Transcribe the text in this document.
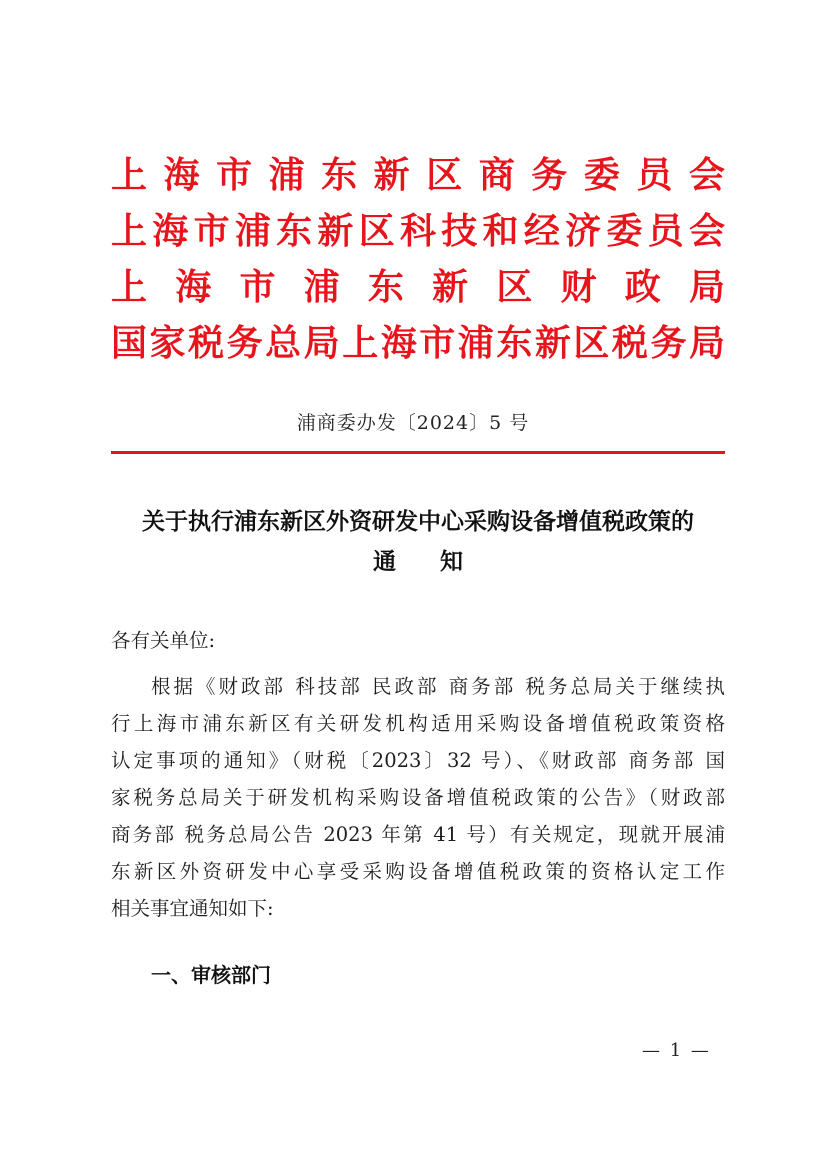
上 海 市 浦 东 新 区 商 务 委 员 会
上 海 市 浦 东 新 区 科 技 和 经 济 委 员 会
上 海 市 浦 东 新 区 财 政 局
国 家 税 务 总 局 上 海 市 浦 东 新 区 税 务 局
浦商委办发〔2024〕5 号
关于执行浦东新区外资研发中心采购设备增值税政策的
通 知
各有关单位:
根据《财政部 科技部 民政部 商务部 税务总局关于继续执
行上海市浦东新区有关研发机构适用采购设备增值税政策资格
认定事项的通知》（财税〔2023〕32 号）、《财政部 商务部 国
家税务总局关于研发机构采购设备增值税政策的公告》（财政部
商务部 税务总局公告 2023 年第 41 号）有关规定，现就开展浦
东新区外资研发中心享受采购设备增值税政策的资格认定工作
相关事宜通知如下:
一、审核部门
— 1 —
